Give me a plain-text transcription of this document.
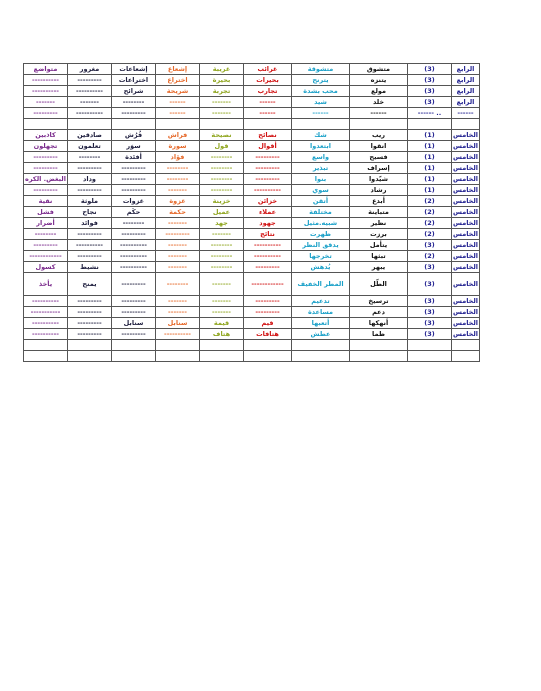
متواضع	مغرور	إشعاعات	إشعاع	غريبة	غرائب	متشوقة	متشوق	(3)	الرابع
----------	---------	اختراعات	اختراع	بحيرة	بحيرات	يترنح	يتنزه	(3)	الرابع
----------	----------	شرائح	شريحة	تجربة	تجارب	محب بشدة	مولع	(3)	الرابع
-------	-------	--------	------	-------	------	شيد	خلد	(3)	الرابع
---------	----------	---------	------	-------	------	------	------	------ ..	------

كاذبين	صادقين	فُرُش	فراش	نصيحة	نصائح	شك	ريب	(1)	الخامس
تجهلون	تعلمون	سوَر	سورة	قول	أقوال	ابتعدوا	انقوا	(1)	الخامس
---------	--------	أفئدة	فؤاد	--------	---------	واسع	فسيح	(1)	الخامس
---------	---------	---------	--------	--------	---------	تبذير	إسراف	(1)	الخامس
البغض. الكره	وداد	---------	--------	--------	---------	بنوا	شيّدوا	(1)	الخامس
---------	---------	---------	-------	--------	----------	سوي	رشاد	(1)	الخامس
نقية	ملوثة	غزوات	غزوة	خزينة	خزائن	أتقن	أبدع	(2)	الخامس
فشل	نجاح	حكَم	حكمة	عميل	عملاء	مختلفة	متباينة	(2)	الخامس
أضرار	فوائد	--------	-------	جهد	جهود	شبيه.مثيل	نظير	(2)	الخامس
--------	---------	---------	---------	-------	نتائج	ظهرت	برزت	(2)	الخامس
---------	----------	----------	-------	--------	----------	يدقق النظر	يتأمل	(3)	الخامس
------------	---------	----------	-------	--------	----------	تخرجها	تبثها	(2)	الخامس
كسول	نشيط	----------	-------	--------	---------	يُدهش	يبهر	(3)	الخامس
يأخذ	يمنح	---------	--------	-------	------------	المطر الخفيف	الطّل	(3)	الخامس
----------	---------	---------	-------	-------	---------	تدعيم	ترسيخ	(3)	الخامس
-----------	---------	---------	-------	-------	---------	مساعدة	دعم	(3)	الخامس
----------	---------	سنابل	سنابل	قيمة	قيم	أتعبها	أنهكها	(3)	الخامس
----------	---------	---------	----------	هتاف	هتافات	عطش	ظما	(3)	الخامس
